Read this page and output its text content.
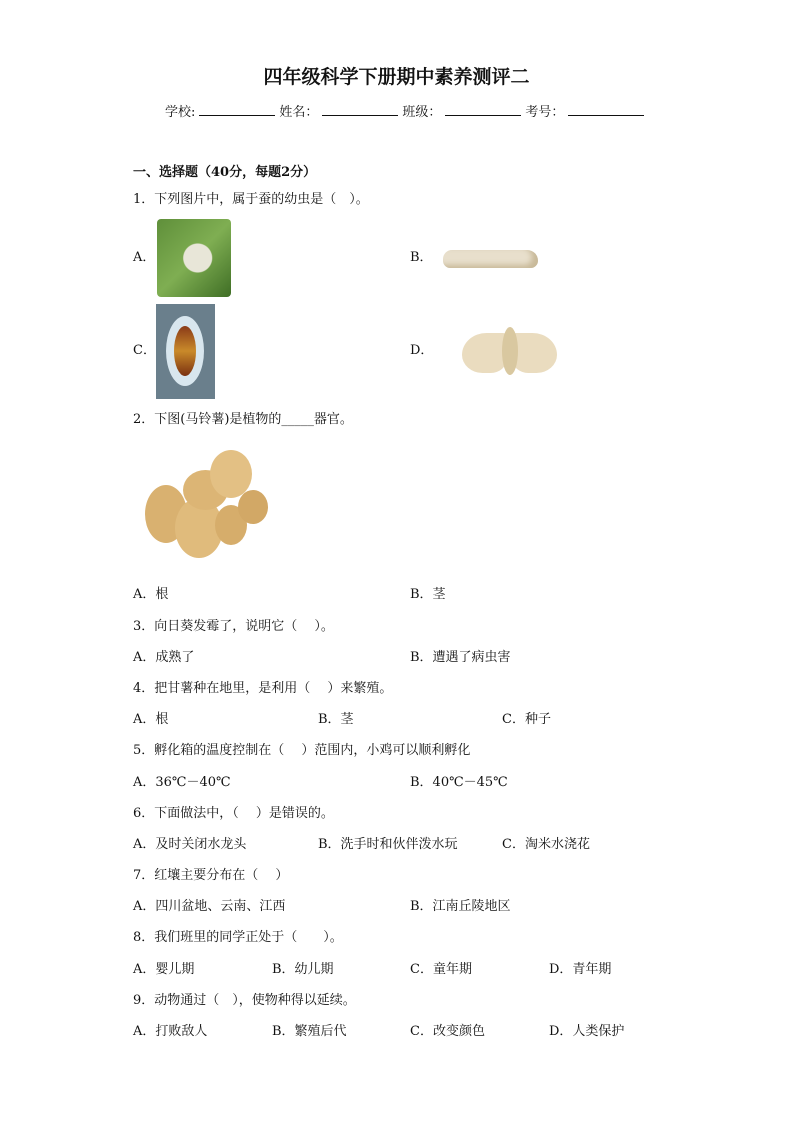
四年级科学下册期中素养测评二
学校:	姓名：	班级：	考号：
一、选择题（40分，每题2分）
1．下列图片中，属于蚕的幼虫是（　）。
A．	B．
C．	D．
2．下图(马铃薯)是植物的_____器官。
A．根	B．茎
3．向日葵发霉了，说明它（　 ）。
A．成熟了	B．遭遇了病虫害
4．把甘薯种在地里，是利用（　 ）来繁殖。
A．根	B．茎	C．种子
5．孵化箱的温度控制在（　 ）范围内，小鸡可以顺利孵化
A．36℃－40℃	B．40℃－45℃
6．下面做法中，（　 ）是错误的。
A．及时关闭水龙头	B．洗手时和伙伴泼水玩	C．淘米水浇花
7．红壤主要分布在（　 ）
A．四川盆地、云南、江西	B．江南丘陵地区
8．我们班里的同学正处于（　　）。
A．婴儿期	B．幼儿期	C．童年期	D．青年期
9．动物通过（　），使物种得以延续。
A．打败敌人	B．繁殖后代	C．改变颜色	D．人类保护
